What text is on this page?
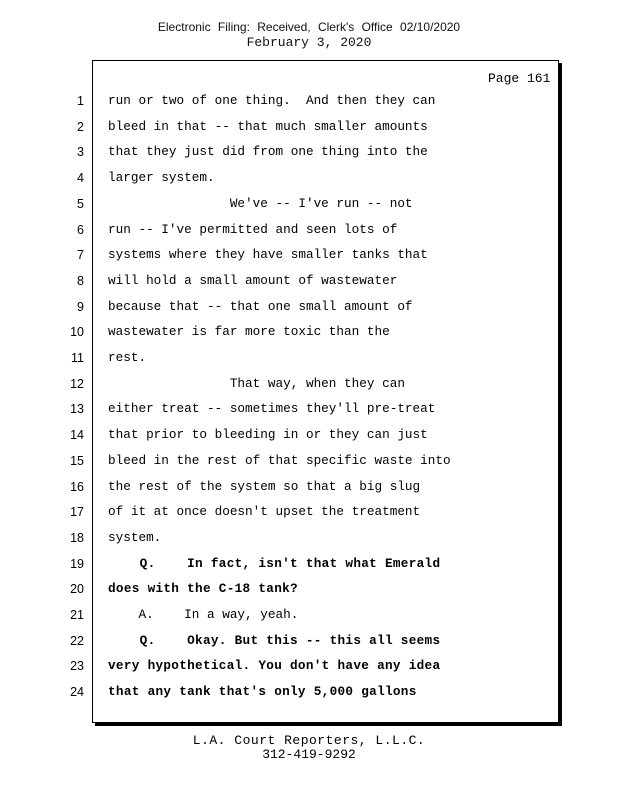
Electronic Filing: Received, Clerk's Office 02/10/2020
February 3, 2020
Page 161
1 run or two of one thing.  And then they can
2 bleed in that -- that much smaller amounts
3 that they just did from one thing into the
4 larger system.
5 We've -- I've run -- not
6 run -- I've permitted and seen lots of
7 systems where they have smaller tanks that
8 will hold a small amount of wastewater
9 because that -- that one small amount of
10 wastewater is far more toxic than the
11 rest.
12 That way, when they can
13 either treat -- sometimes they'll pre-treat
14 that prior to bleeding in or they can just
15 bleed in the rest of that specific waste into
16 the rest of the system so that a big slug
17 of it at once doesn't upset the treatment
18 system.
19 Q.    In fact, isn't that what Emerald
20 does with the C-18 tank?
21 A.    In a way, yeah.
22 Q.    Okay. But this -- this all seems
23 very hypothetical. You don't have any idea
24 that any tank that's only 5,000 gallons
L.A. Court Reporters, L.L.C.
312-419-9292
